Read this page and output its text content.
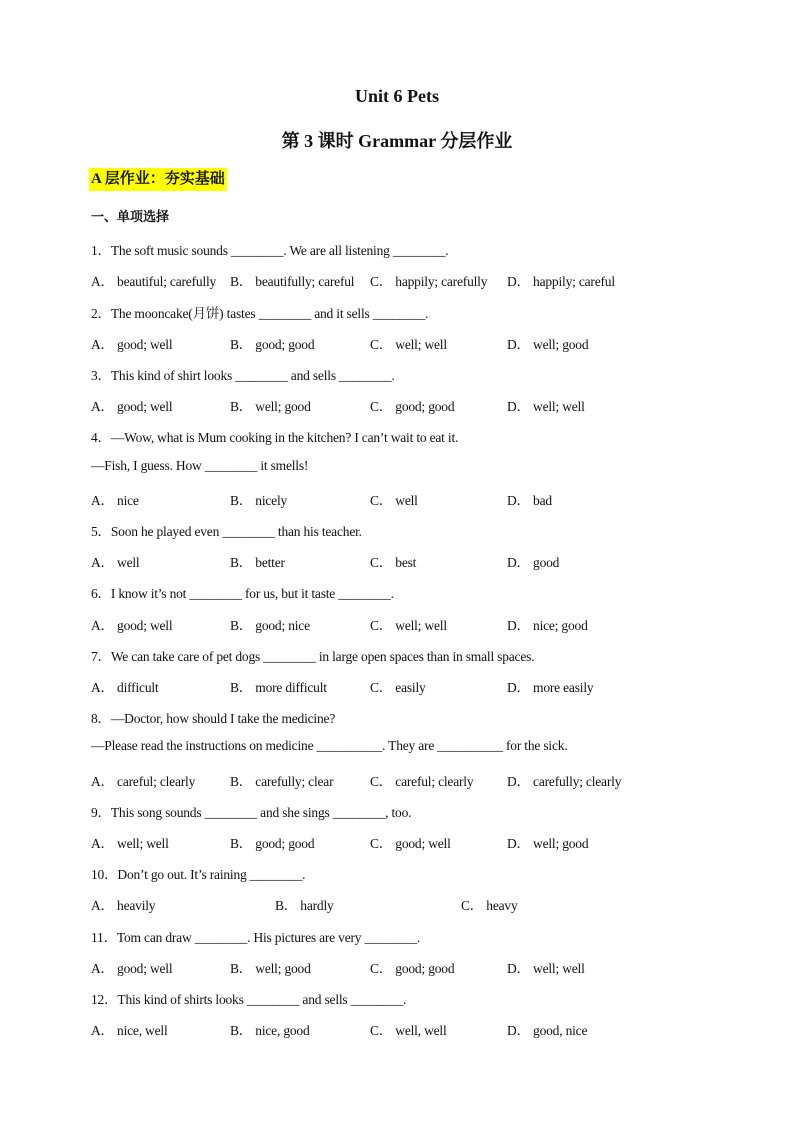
Unit 6 Pets
第 3 课时 Grammar 分层作业
A 层作业：夯实基础
一、单项选择
1．The soft music sounds ________. We are all listening ________.
A． beautiful; carefully B． beautifully; careful C． happily; carefully D． happily; careful
2．The mooncake(月饼) tastes ________ and it sells ________.
A． good; well	B． good; good	C． well; well	D． well; good
3．This kind of shirt looks ________ and sells ________.
A． good; well	B． well; good	C． good; good	D． well; well
4．—Wow, what is Mum cooking in the kitchen? I can’t wait to eat it.
—Fish, I guess. How ________ it smells!
A． nice	B． nicely	C． well	D． bad
5．Soon he played even ________ than his teacher.
A． well	B． better	C． best	D． good
6．I know it’s not ________ for us, but it taste ________.
A． good; well	B． good; nice	C． well; well	D． nice; good
7．We can take care of pet dogs ________ in large open spaces than in small spaces.
A． difficult	B． more difficult	C． easily	D． more easily
8．—Doctor, how should I take the medicine?
—Please read the instructions on medicine __________. They are __________ for the sick.
A． careful; clearly	B． carefully; clear	C． careful; clearly D． carefully; clearly
9．This song sounds ________ and she sings ________, too.
A． well; well	B． good; good	C． good; well	D． well; good
10．Don’t go out. It’s raining ________.
A． heavily	B． hardly	C． heavy
11．Tom can draw ________. His pictures are very ________.
A． good; well	B． well; good	C． good; good	D． well; well
12．This kind of shirts looks ________ and sells ________.
A． nice, well	B． nice, good	C． well, well	D． good, nice
